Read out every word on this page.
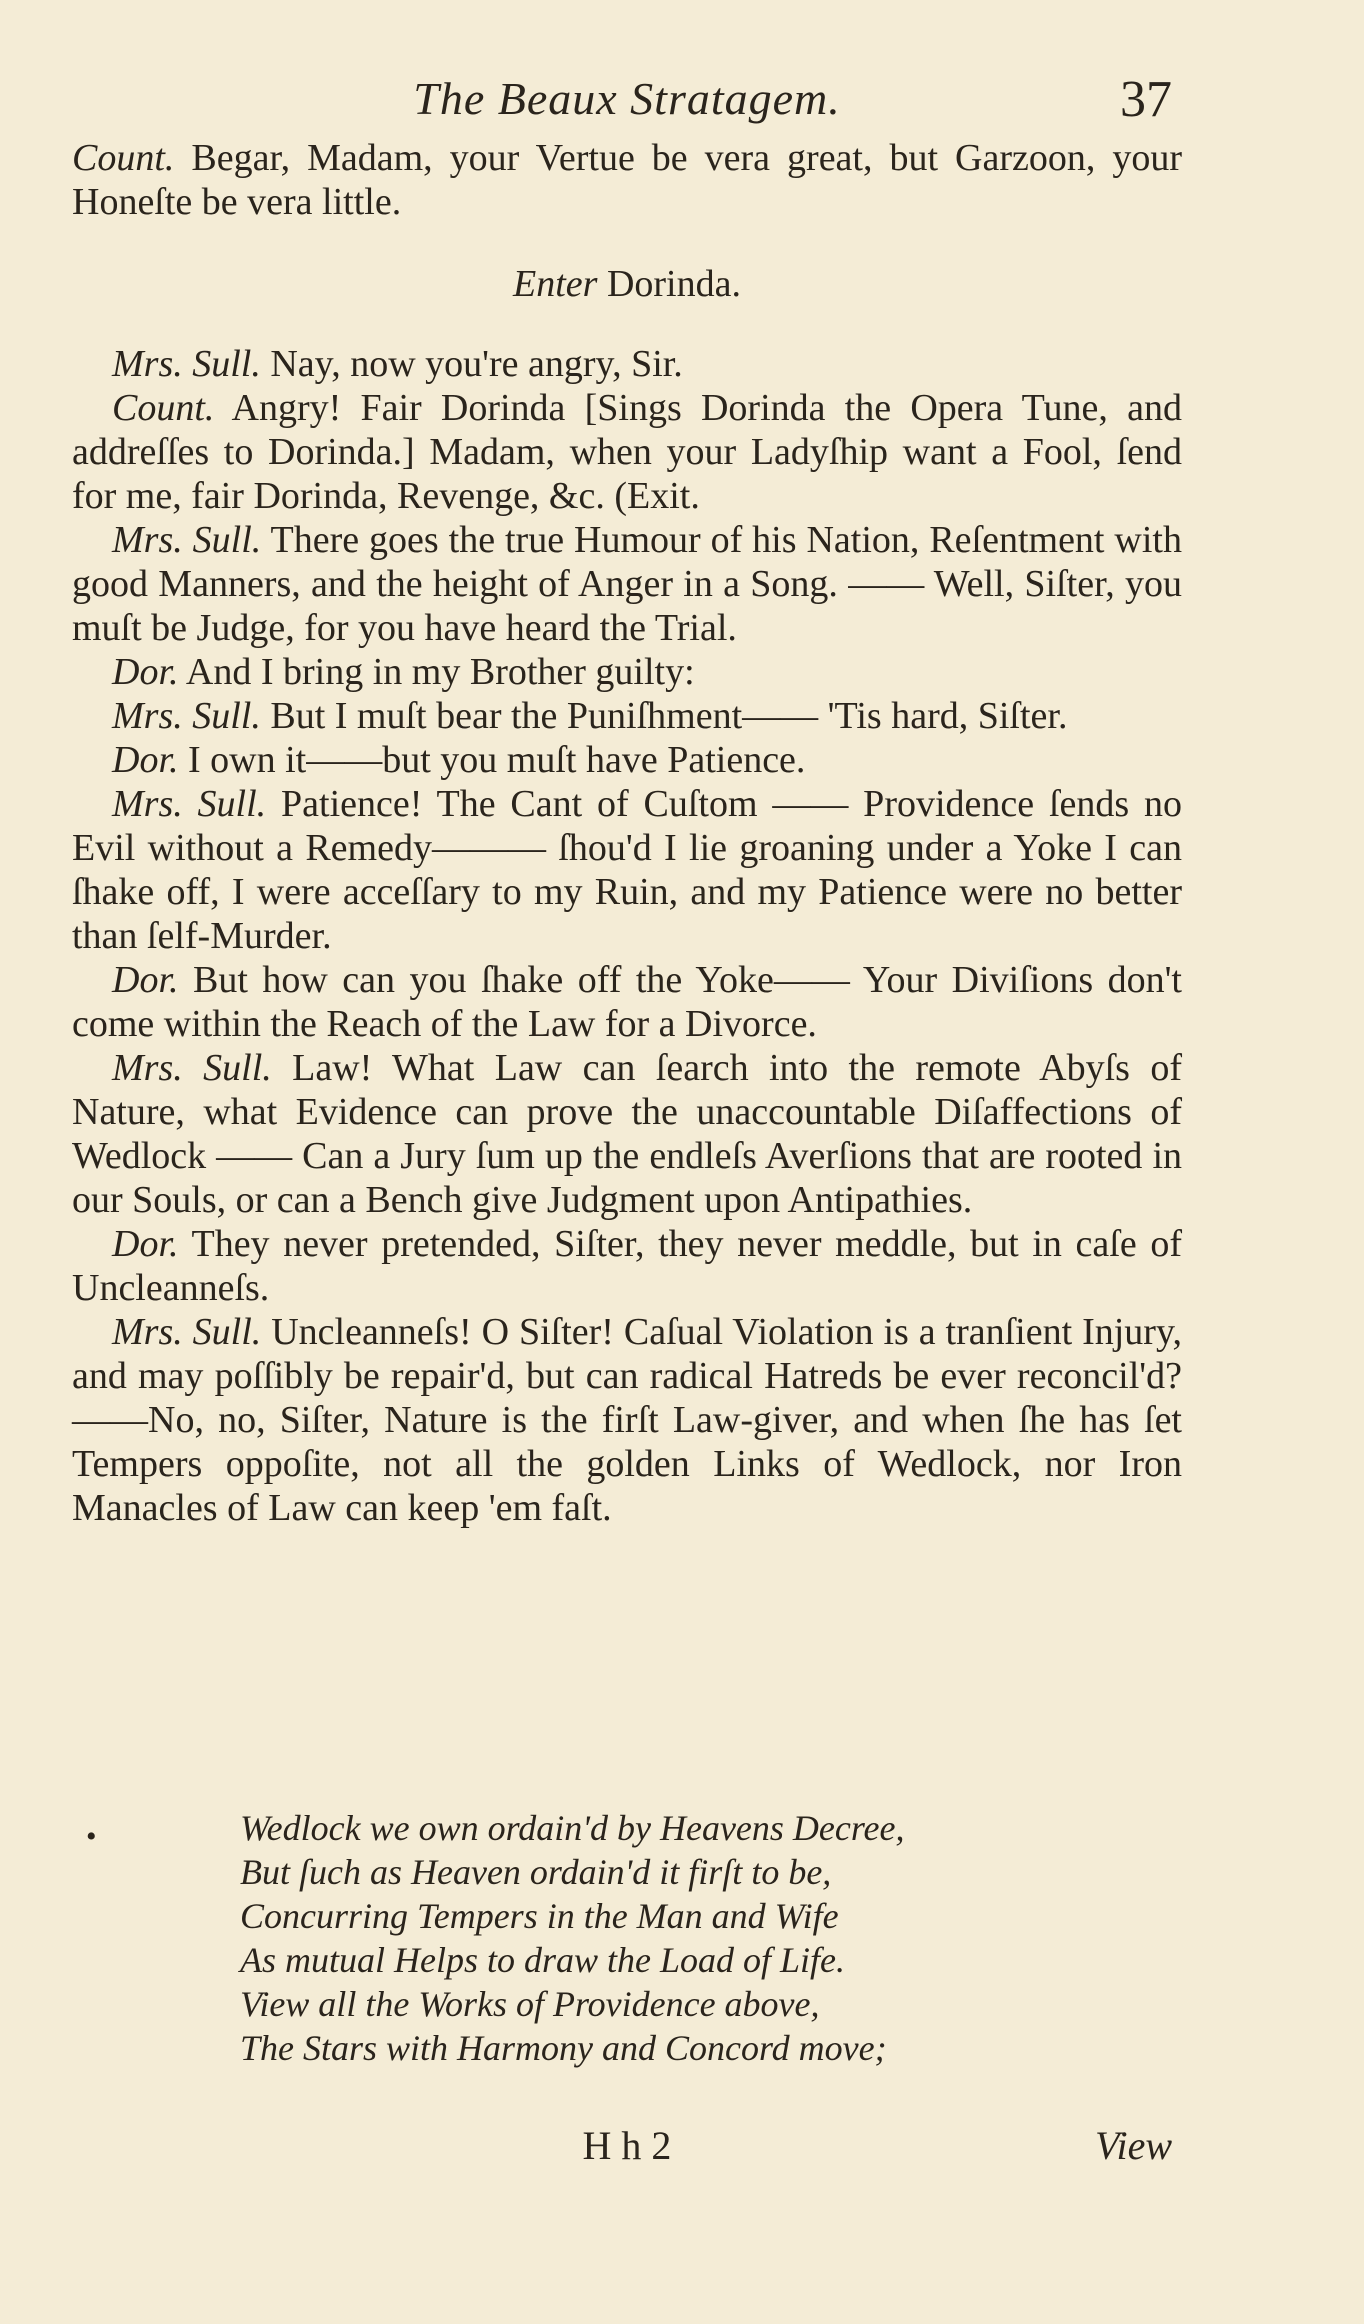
The Beaux Stratagem.	37

Count. Begar, Madam, your Vertue be vera great, but Garzoon, your Honeſte be vera little.

Enter Dorinda.

Mrs. Sull. Nay, now you're angry, Sir.

Count. Angry! Fair Dorinda [Sings Dorinda the Opera Tune, and addreſſes to Dorinda.] Madam, when your Ladyſhip want a Fool, ſend for me, fair Dorinda, Revenge, &c. (Exit.

Mrs. Sull. There goes the true Humour of his Nation, Reſentment with good Manners, and the height of Anger in a Song. —— Well, Siſter, you muſt be Judge, for you have heard the Trial.

Dor. And I bring in my Brother guilty:

Mrs. Sull. But I muſt bear the Puniſhment—— 'Tis hard, Siſter.

Dor. I own it——but you muſt have Patience.

Mrs. Sull. Patience! The Cant of Cuſtom —— Providence ſends no Evil without a Remedy——— ſhou'd I lie groaning under a Yoke I can ſhake off, I were acceſſary to my Ruin, and my Patience were no better than ſelf-Murder.

Dor. But how can you ſhake off the Yoke—— Your Diviſions don't come within the Reach of the Law for a Divorce.

Mrs. Sull. Law! What Law can ſearch into the remote Abyſs of Nature, what Evidence can prove the unaccountable Diſaffections of Wedlock —— Can a Jury ſum up the endleſs Averſions that are rooted in our Souls, or can a Bench give Judgment upon Antipathies.

Dor. They never pretended, Siſter, they never meddle, but in caſe of Uncleanneſs.

Mrs. Sull. Uncleanneſs! O Siſter! Caſual Violation is a tranſient Injury, and may poſſibly be repair'd, but can radical Hatreds be ever reconcil'd?——No, no, Siſter, Nature is the firſt Law-giver, and when ſhe has ſet Tempers oppoſite, not all the golden Links of Wedlock, nor Iron Manacles of Law can keep 'em faſt.

•	Wedlock we own ordain'd by Heavens Decree,
But ſuch as Heaven ordain'd it firſt to be,
Concurring Tempers in the Man and Wife
As mutual Helps to draw the Load of Life.
View all the Works of Providence above,
The Stars with Harmony and Concord move;
H h 2	View
